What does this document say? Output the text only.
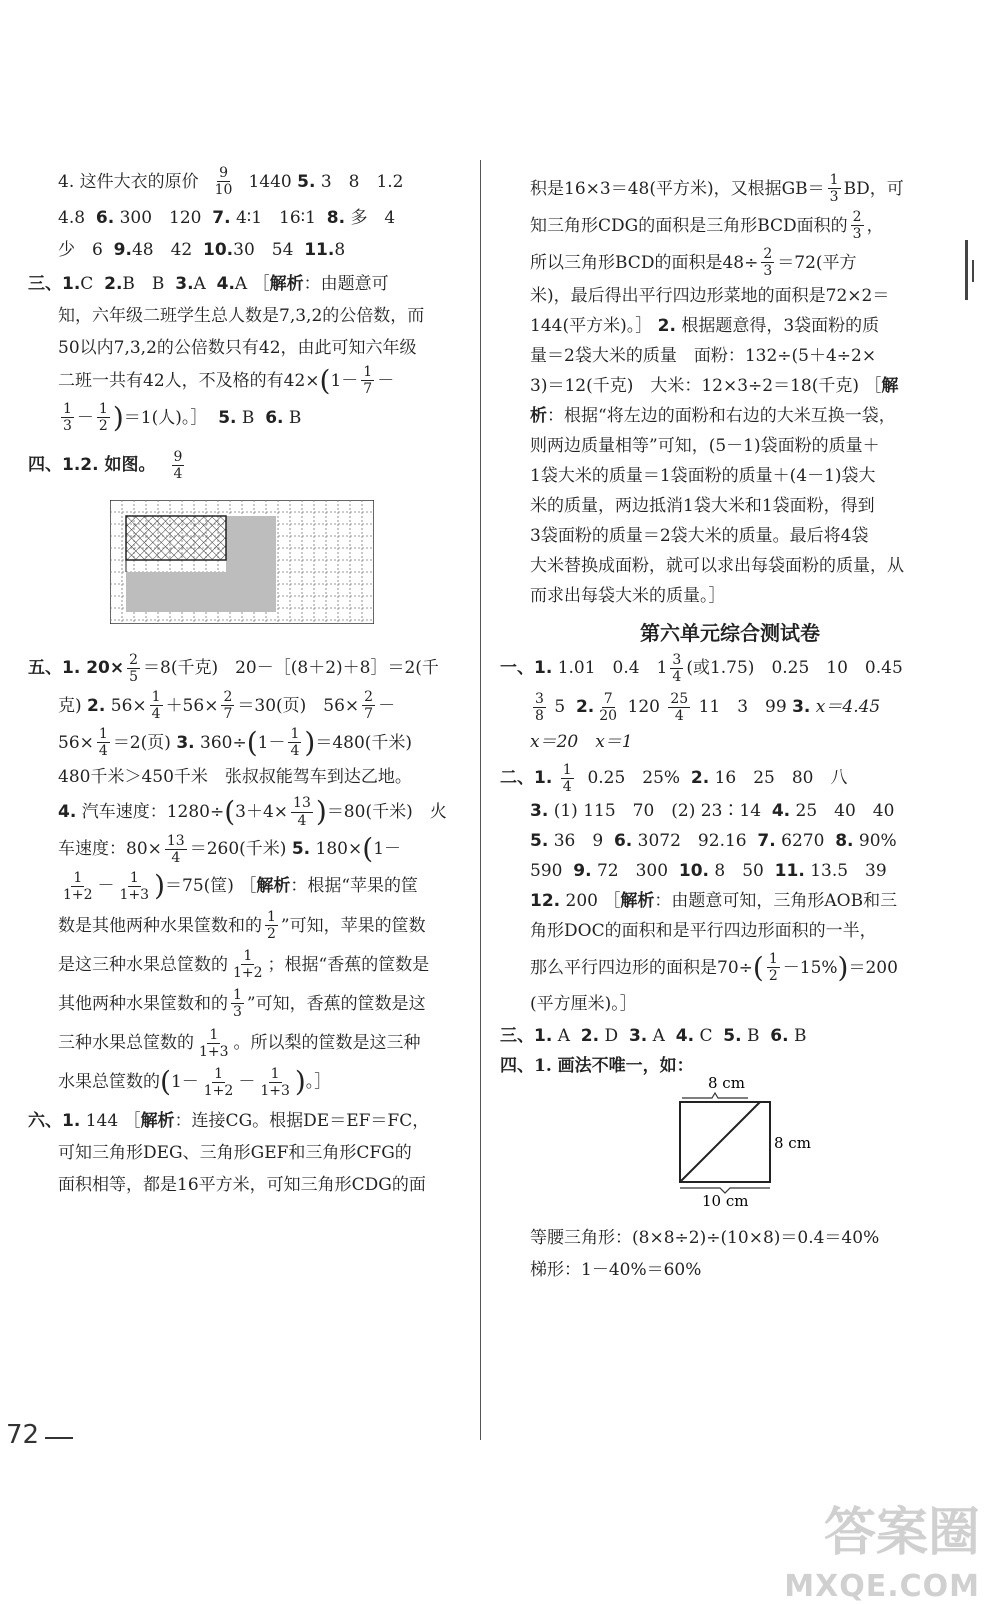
4. 这件大衣的原价 $\frac{9}{10} 1440$
5.
3　8　1.2
4.8
6.
300　120
7.
4∶1　16∶1
8.
多　4
少　6
9. 48　42
10. 30　54
11. 8
三、 1. C
2. B　B
3. A
4. A ［ 解析 ：由题意可
知，六年级二班学生总人数是7,3,2的公倍数，而
50以内7,3,2的公倍数只有42，由此可知六年级
二班一共有42人，不及格的有42× ( $1- \frac{1}{7}$ －
$\frac{1}{3} - \frac{1}{2}$ ) ＝1(人)。］
5.
B
6.
B
四、1.2. 如图。 $\frac{9}{4}$
五、1. $20\times \frac{2}{5} =8$(千克)　20－［(8＋2)＋8］＝2(千
克)
2.
$56\times \frac{1}{4} +56\times \frac{2}{7} =30$(页)　$56\times \frac{2}{7}$ －
$56\times \frac{1}{4} =2$(页)
3.
360÷ ( $1- \frac{1}{4}$ ) ＝480(千米)
480千米＞450千米　张叔叔能驾车到达乙地。
4.
汽车速度：1280÷ ( $3+4\times \frac{13}{4}$ ) ＝80(千米)　火
车速度：$80\times \frac{13}{4} =260$(千米)
5.
180× ( 1－
$\frac{1}{1+2} - \frac{1}{1+3}$ ) ＝75(筐) ［ 解析 ：根据“苹果的筐
数是其他两种水果筐数和的 $\frac{1}{2}$ ”可知，苹果的筐数
是这三种水果总筐数的 $\frac{1}{1+2}$ ；根据“香蕉的筐数是
其他两种水果筐数和的 $\frac{1}{3}$ ”可知，香蕉的筐数是这
三种水果总筐数的 $\frac{1}{1+3}$ 。所以梨的筐数是这三种
水果总筐数的 ( $1- \frac{1}{1+2} - \frac{1}{1+3}$ ) 。］
六、1.
144 ［ 解析 ：连接CG。根据DE＝EF＝FC，
可知三角形DEG、三角形GEF和三角形CFG的
面积相等，都是16平方米，可知三角形CDG的面
积是16×3＝48(平方米)，又根据$GB= \frac{1}{3}$ BD，可
知三角形CDG的面积是三角形BCD面积的 $\frac{2}{3}$ ，
所以三角形BCD的面积是$48\div \frac{2}{3} =72$(平方
米)，最后得出平行四边形菜地的面积是72×2＝
144(平方米)。］
2.
根据题意得，3袋面粉的质
量＝2袋大米的质量　面粉：132÷(5＋4÷2×
3)＝12(千克)　大米：12×3÷2＝18(千克) ［ 解
析 ：根据“将左边的面粉和右边的大米互换一袋，
则两边质量相等”可知，(5－1)袋面粉的质量＋
1袋大米的质量＝1袋面粉的质量＋(4－1)袋大
米的质量，两边抵消1袋大米和1袋面粉，得到
3袋面粉的质量＝2袋大米的质量。最后将4袋
大米替换成面粉，就可以求出每袋面粉的质量，从
而求出每袋大米的质量。］
第六单元综合测试卷
一、1.
1.01　0.4　$1 \frac{3}{4}$ (或1.75)　0.25　10　0.45
$\frac{3}{8}$
5
2. $\frac{7}{20}$
120
$\frac{25}{4}$
11　3　99
3.
x＝4.45
x＝20　x＝1
二、1.
$\frac{1}{4}$
0.25　25%
2.
16　25　80　八
3.
(1) 115　70　(2) 23∶14
4.
25　40　40
5.
36　9
6.
3072　92.16
7.
6270
8.
90%
590
9.
72　300
10.
8　50
11.
13.5　39
12.
200 ［ 解析 ：由题意可知，三角形AOB和三
角形DOC的面积和是平行四边形面积的一半，
那么平行四边形的面积是70÷ ( $\frac{1}{2} -15\%$ ) ＝200
(平方厘米)。］
三、1.
A
2.
D
3.
A
4.
C
5.
B
6.
B
四、1. 画法不唯一，如：
8 cm
8 cm
10 cm
等腰三角形：(8×8÷2)÷(10×8)＝0.4＝40%
梯形：1－40%＝60%
72
答案圈
MXQE.COM
